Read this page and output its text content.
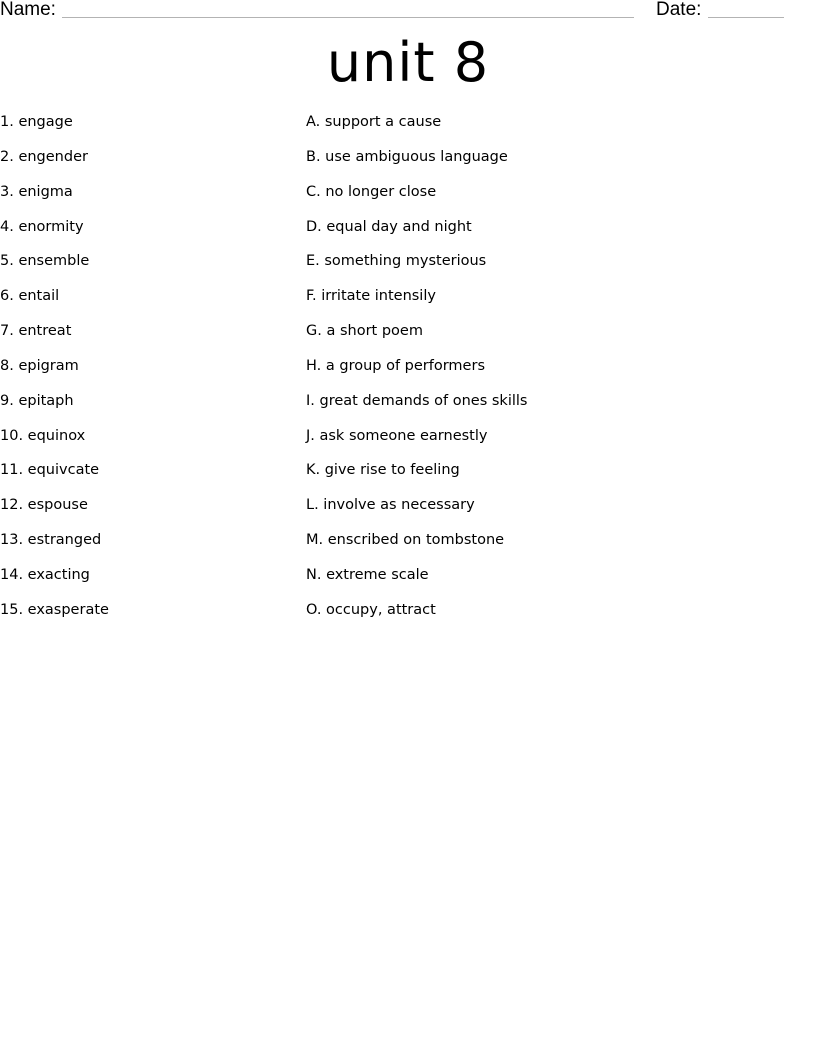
Name:	Date:
unit 8
1. engage
2. engender
3. enigma
4. enormity
5. ensemble
6. entail
7. entreat
8. epigram
9. epitaph
10. equinox
11. equivcate
12. espouse
13. estranged
14. exacting
15. exasperate
A. support a cause
B. use ambiguous language
C. no longer close
D. equal day and night
E. something mysterious
F. irritate intensily
G. a short poem
H. a group of performers
I. great demands of ones skills
J. ask someone earnestly
K. give rise to feeling
L. involve as necessary
M. enscribed on tombstone
N. extreme scale
O. occupy, attract
